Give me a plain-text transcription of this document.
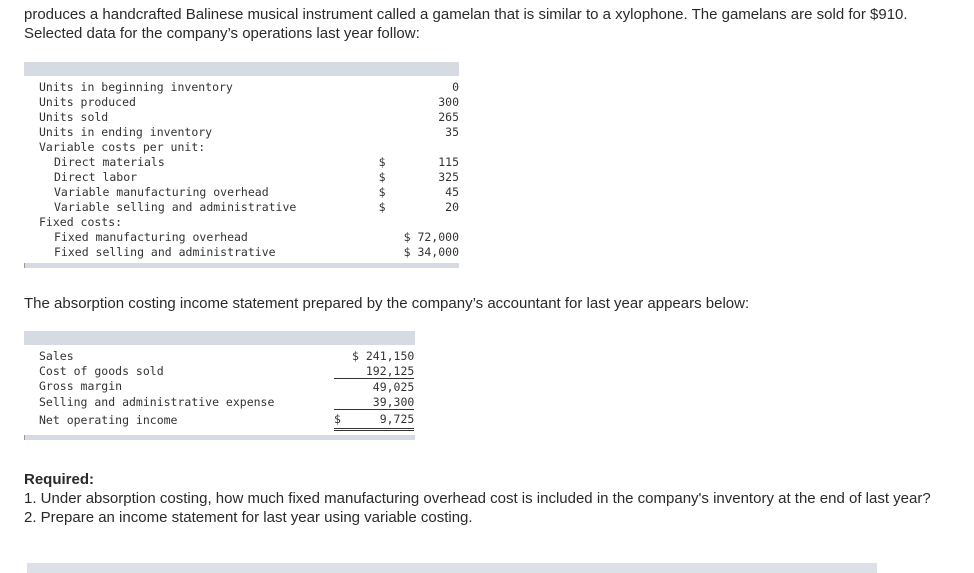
produces a handcrafted Balinese musical instrument called a gamelan that is similar to a xylophone. The gamelans are sold for $910. Selected data for the company’s operations last year follow:
Units in beginning inventory		0
Units produced		300
Units sold		265
Units in ending inventory		35
Variable costs per unit:		
Direct materials	$	115
Direct labor	$	325
Variable manufacturing overhead	$	45
Variable selling and administrative	$	20
Fixed costs:		
Fixed manufacturing overhead		$ 72,000
Fixed selling and administrative		$ 34,000
The absorption costing income statement prepared by the company’s accountant for last year appears below:
Sales		$ 241,150
Cost of goods sold		192,125
Gross margin		49,025
Selling and administrative expense		39,300
Net operating income	$	9,725
Required:
1. Under absorption costing, how much fixed manufacturing overhead cost is included in the company's inventory at the end of last year?
2. Prepare an income statement for last year using variable costing.
